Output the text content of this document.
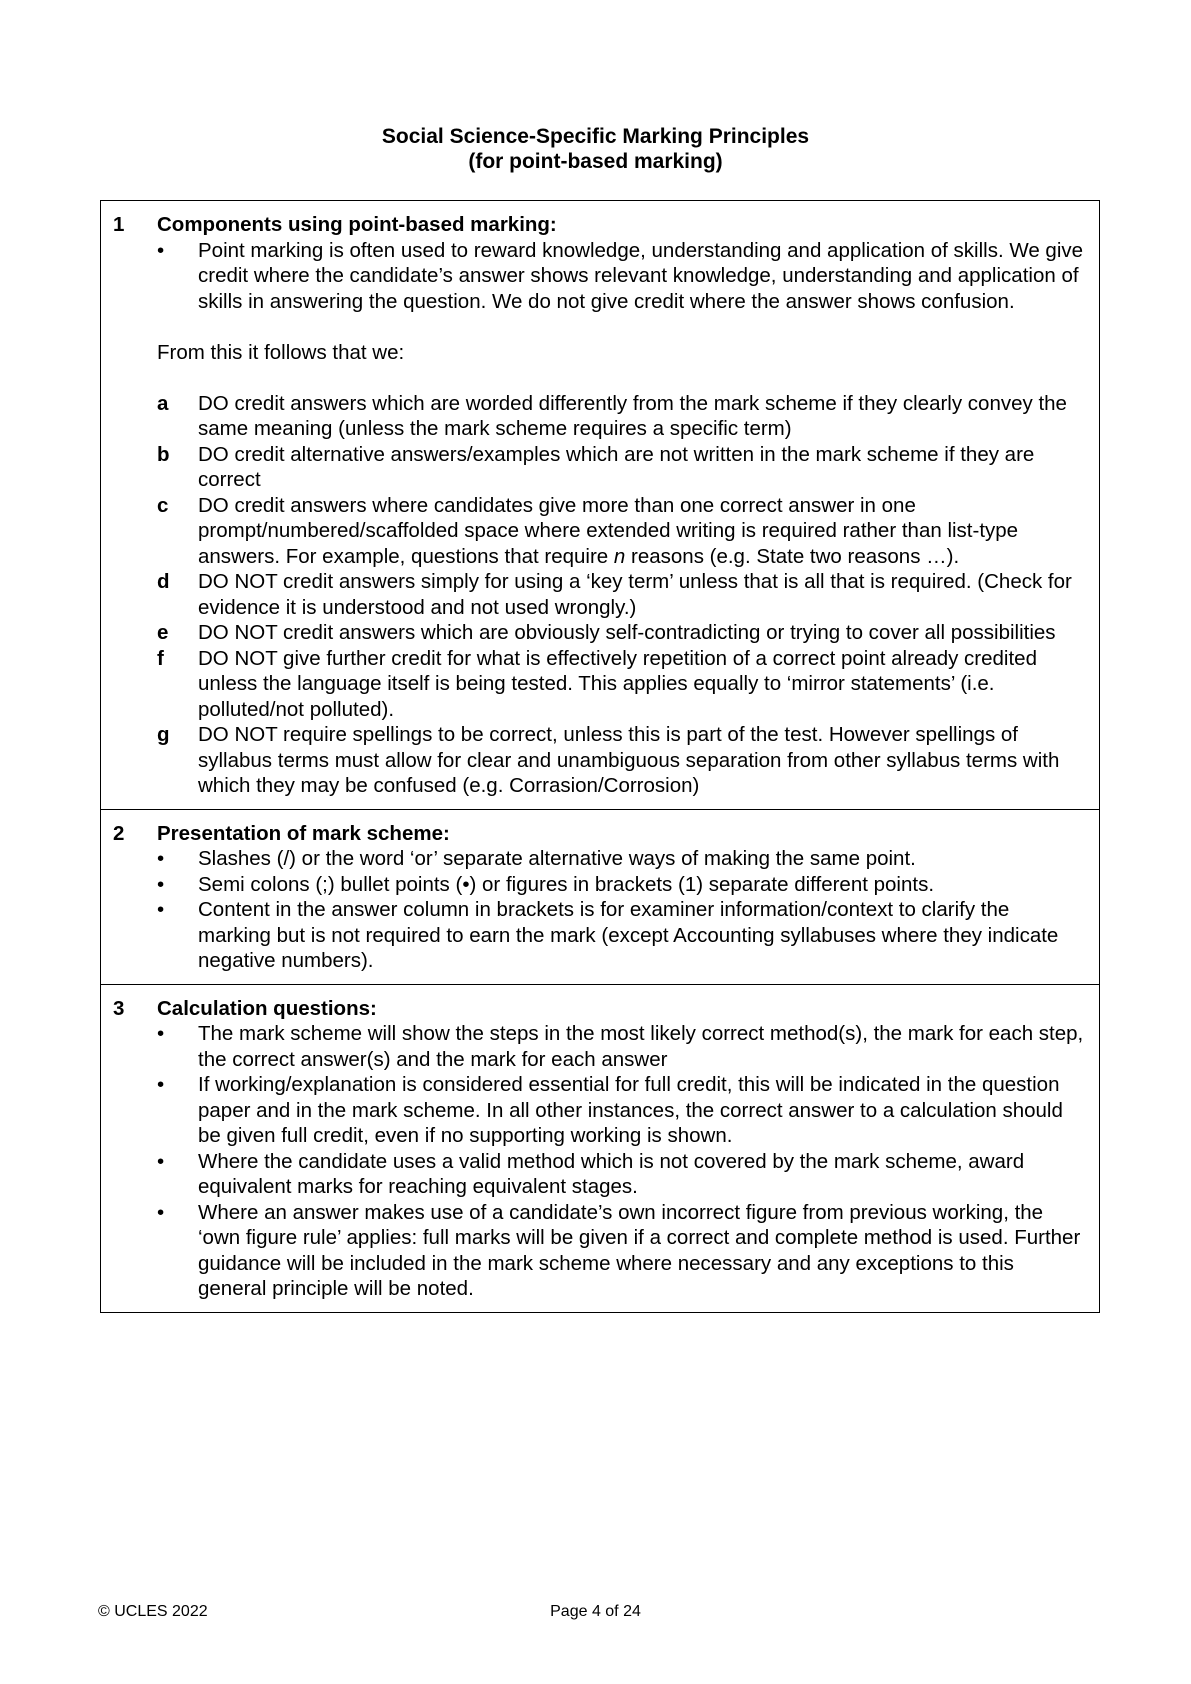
Social Science-Specific Marking Principles
(for point-based marking)
1 Components using point-based marking:
• Point marking is often used to reward knowledge, understanding and application of skills. We give credit where the candidate’s answer shows relevant knowledge, understanding and application of skills in answering the question. We do not give credit where the answer shows confusion.
From this it follows that we:
a DO credit answers which are worded differently from the mark scheme if they clearly convey the same meaning (unless the mark scheme requires a specific term)
b DO credit alternative answers/examples which are not written in the mark scheme if they are correct
c DO credit answers where candidates give more than one correct answer in one prompt/numbered/scaffolded space where extended writing is required rather than list-type answers. For example, questions that require n reasons (e.g. State two reasons …).
d DO NOT credit answers simply for using a ‘key term’ unless that is all that is required. (Check for evidence it is understood and not used wrongly.)
e DO NOT credit answers which are obviously self-contradicting or trying to cover all possibilities
f DO NOT give further credit for what is effectively repetition of a correct point already credited unless the language itself is being tested. This applies equally to ‘mirror statements’ (i.e. polluted/not polluted).
g DO NOT require spellings to be correct, unless this is part of the test. However spellings of syllabus terms must allow for clear and unambiguous separation from other syllabus terms with which they may be confused (e.g. Corrasion/Corrosion)
2 Presentation of mark scheme:
• Slashes (/) or the word ‘or’ separate alternative ways of making the same point.
• Semi colons (;) bullet points (•) or figures in brackets (1) separate different points.
• Content in the answer column in brackets is for examiner information/context to clarify the marking but is not required to earn the mark (except Accounting syllabuses where they indicate negative numbers).
3 Calculation questions:
• The mark scheme will show the steps in the most likely correct method(s), the mark for each step, the correct answer(s) and the mark for each answer
• If working/explanation is considered essential for full credit, this will be indicated in the question paper and in the mark scheme. In all other instances, the correct answer to a calculation should be given full credit, even if no supporting working is shown.
• Where the candidate uses a valid method which is not covered by the mark scheme, award equivalent marks for reaching equivalent stages.
• Where an answer makes use of a candidate’s own incorrect figure from previous working, the ‘own figure rule’ applies: full marks will be given if a correct and complete method is used. Further guidance will be included in the mark scheme where necessary and any exceptions to this general principle will be noted.
© UCLES 2022	Page 4 of 24
